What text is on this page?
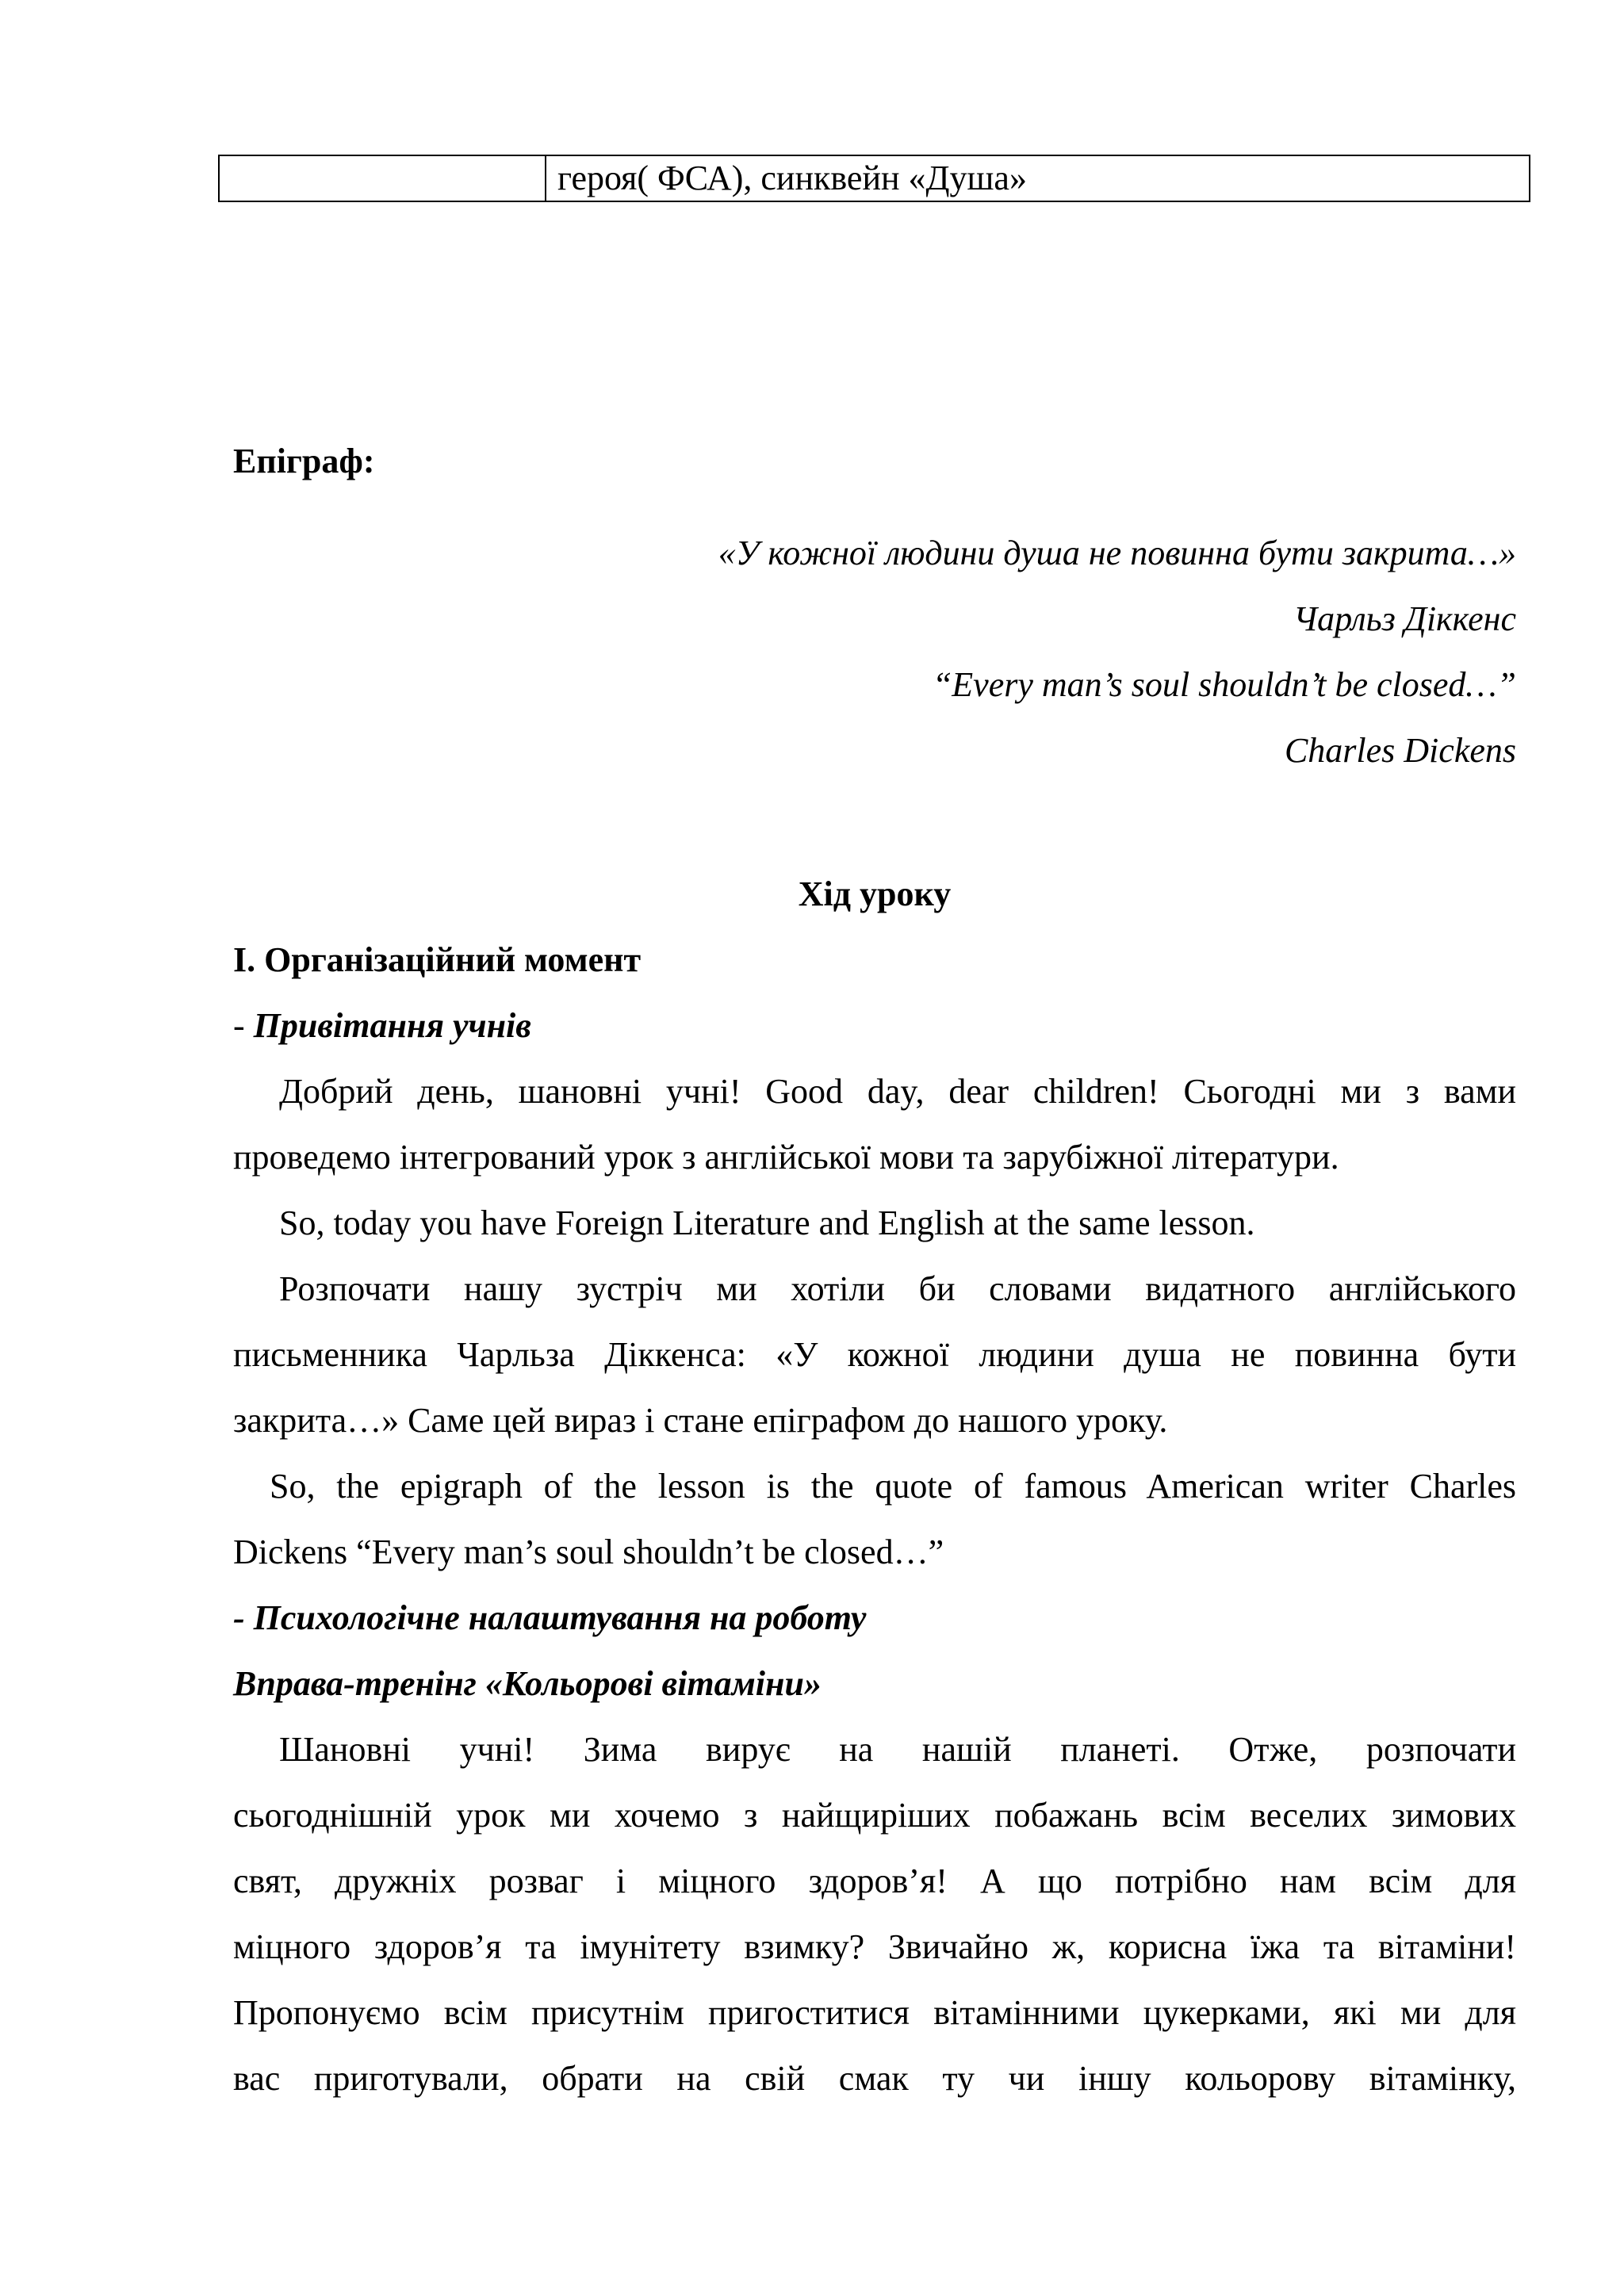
	героя( ФСА), синквейн «Душа»

Епіграф:

«У кожної людини душа не повинна бути закрита…»

Чарльз Діккенс

“Every man’s soul shouldn’t be closed…”

Charles Dickens

Хід уроку

І. Організаційний момент

- Привітання учнів

Добрий день, шановні учні! Good day, dear children! Сьогодні ми з вами

проведемо інтегрований урок з англійської мови та зарубіжної літератури.

So, today you have Foreign Literature and English at the same lesson.

Розпочати нашу зустріч ми хотіли би словами видатного англійського

письменника Чарльза Діккенса: «У кожної людини душа не повинна бути

закрита…» Саме цей вираз і стане епіграфом до нашого уроку.

So, the epigraph of the lesson is the quote of famous American writer Charles

Dickens “Every man’s soul shouldn’t be closed…”

- Психологічне налаштування на роботу

Вправа-тренінг «Кольорові вітаміни»

Шановні учні! Зима вирує на нашій планеті. Отже, розпочати

сьогоднішній урок ми хочемо з найщиріших побажань всім веселих зимових

свят, дружніх розваг і міцного здоров’я! А що потрібно нам всім для

міцного здоров’я та імунітету взимку? Звичайно ж, корисна їжа та вітаміни!

Пропонуємо всім присутнім пригоститися вітамінними цукерками, які ми для

вас приготували, обрати на свій смак ту чи іншу кольорову вітамінку,
